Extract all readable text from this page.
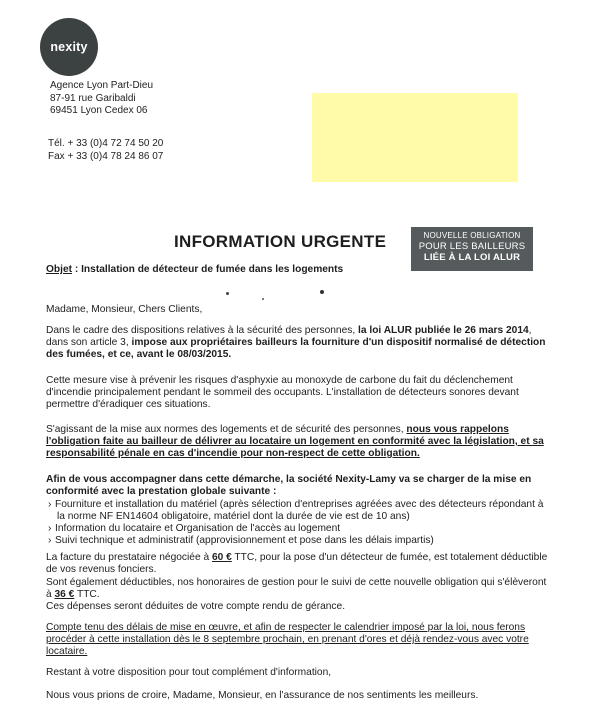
nexity
Agence Lyon Part-Dieu
87-91 rue Garibaldi
69451 Lyon Cedex 06
Tél. + 33 (0)4 72 74 50 20
Fax + 33 (0)4 78 24 86 07
INFORMATION URGENTE	NOUVELLE OBLIGATION
POUR LES BAILLEURS
LIÉE À LA LOI ALUR
Objet : Installation de détecteur de fumée dans les logements
Madame, Monsieur, Chers Clients,
Dans le cadre des dispositions relatives à la sécurité des personnes, la loi ALUR publiée le 26 mars 2014,
dans son article 3, impose aux propriétaires bailleurs la fourniture d'un dispositif normalisé de détection
des fumées, et ce, avant le 08/03/2015.
Cette mesure vise à prévenir les risques d'asphyxie au monoxyde de carbone du fait du déclenchement
d'incendie principalement pendant le sommeil des occupants. L'installation de détecteurs sonores devant
permettre d'éradiquer ces situations.
S'agissant de la mise aux normes des logements et de sécurité des personnes, nous vous rappelons
l'obligation faite au bailleur de délivrer au locataire un logement en conformité avec la législation, et sa
responsabilité pénale en cas d'incendie pour non-respect de cette obligation.
Afin de vous accompagner dans cette démarche, la société Nexity-Lamy va se charger de la mise en
conformité avec la prestation globale suivante :
› Fourniture et installation du matériel (après sélection d'entreprises agréées avec des détecteurs répondant à
la norme NF EN14604 obligatoire, matériel dont la durée de vie est de 10 ans)
› Information du locataire et Organisation de l'accès au logement
› Suivi technique et administratif (approvisionnement et pose dans les délais impartis)
La facture du prestataire négociée à 60 € TTC, pour la pose d'un détecteur de fumée, est totalement déductible
de vos revenus fonciers.
Sont également déductibles, nos honoraires de gestion pour le suivi de cette nouvelle obligation qui s'élèveront
à 36 € TTC.
Ces dépenses seront déduites de votre compte rendu de gérance.
Compte tenu des délais de mise en œuvre, et afin de respecter le calendrier imposé par la loi, nous ferons
procéder à cette installation dès le 8 septembre prochain, en prenant d'ores et déjà rendez-vous avec votre
locataire.
Restant à votre disposition pour tout complément d'information,
Nous vous prions de croire, Madame, Monsieur, en l'assurance de nos sentiments les meilleurs.
